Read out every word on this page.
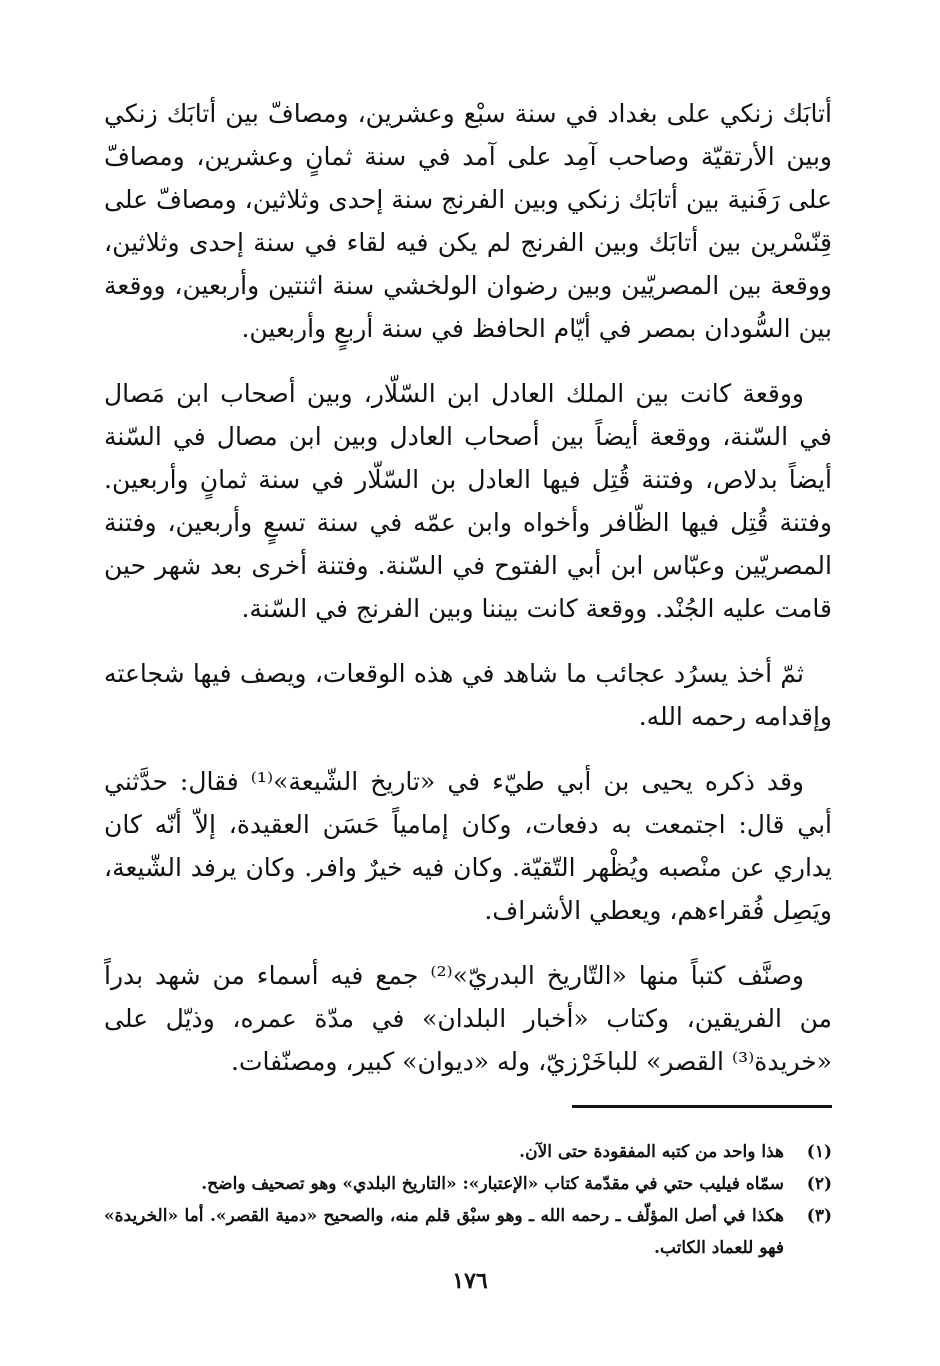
أتابَك زنكي على بغداد في سنة سبْع وعشرين، ومصافّ بين أتابَك زنكي وبين الأرتقيّة وصاحب آمِد على آمد في سنة ثمانٍ وعشرين، ومصافّ على رَفَنية بين أتابَك زنكي وبين الفرنج سنة إحدى وثلاثين، ومصافّ على قِنّسْرين بين أتابَك وبين الفرنج لم يكن فيه لقاء في سنة إحدى وثلاثين، ووقعة بين المصريّين وبين رضوان الولخشي سنة اثنتين وأربعين، ووقعة بين السُّودان بمصر في أيّام الحافظ في سنة أربعٍ وأربعين.

ووقعة كانت بين الملك العادل ابن السّلّار، وبين أصحاب ابن مَصال في السّنة، ووقعة أيضاً بين أصحاب العادل وبين ابن مصال في السّنة أيضاً بدلاص، وفتنة قُتِل فيها العادل بن السّلّار في سنة ثمانٍ وأربعين. وفتنة قُتِل فيها الظّافر وأخواه وابن عمّه في سنة تسعٍ وأربعين، وفتنة المصريّين وعبّاس ابن أبي الفتوح في السّنة. وفتنة أخرى بعد شهر حين قامت عليه الجُنْد. ووقعة كانت بيننا وبين الفرنج في السّنة.

ثمّ أخذ يسرُد عجائب ما شاهد في هذه الوقعات، ويصف فيها شجاعته وإقدامه رحمه الله.

وقد ذكره يحيى بن أبي طيّء في «تاريخ الشّيعة»⁽¹⁾ فقال: حدَّثني أبي قال: اجتمعت به دفعات، وكان إمامياً حَسَن العقيدة، إلاّ أنّه كان يداري عن منْصبه ويُظْهر التّقيّة. وكان فيه خيرٌ وافر. وكان يرفد الشّيعة، ويَصِل فُقراءهم، ويعطي الأشراف.

وصنَّف كتباً منها «التّاريخ البدريّ»⁽²⁾ جمع فيه أسماء من شهد بدراً من الفريقين، وكتاب «أخبار البلدان» في مدّة عمره، وذيّل على «خريدة⁽³⁾ القصر» للباخَرْزيّ، وله «ديوان» كبير، ومصنّفات.

(١)
هذا واحد من كتبه المفقودة حتى الآن.
(٢)
سمّاه فيليب حتي في مقدّمة كتاب «الإعتبار»: «التاريخ البلدي» وهو تصحيف واضح.
(٣)
هكذا في أصل المؤلّف ـ رحمه الله ـ وهو سبْق قلم منه، والصحيح «دمية القصر». أما «الخريدة» فهو للعماد الكاتب.
١٧٦
